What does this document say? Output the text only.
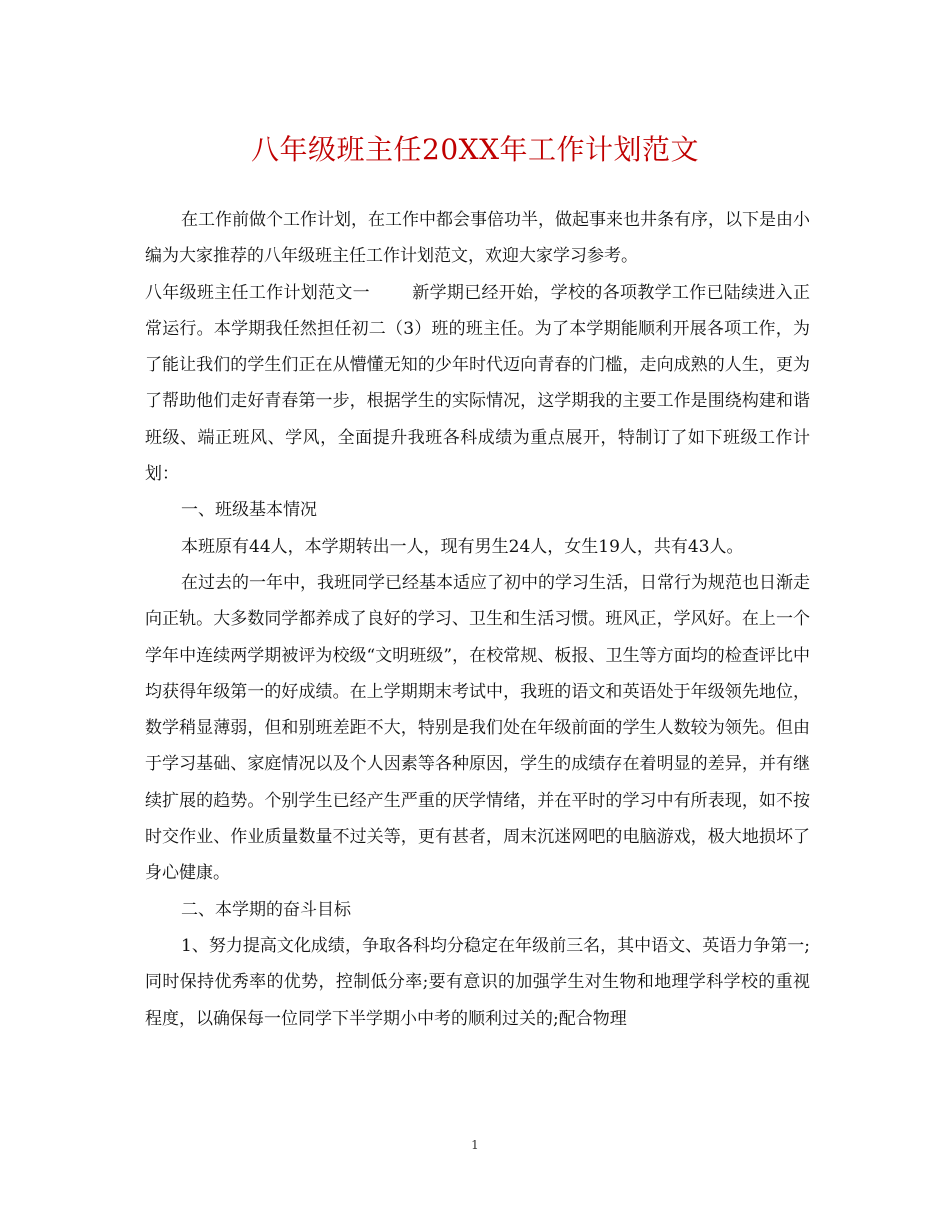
八年级班主任20XX年工作计划范文

在工作前做个工作计划，在工作中都会事倍功半，做起事来也井条有序，以下是由小编为大家推荐的八年级班主任工作计划范文，欢迎大家学习参考。

八年级班主任工作计划范文一 新学期已经开始，学校的各项教学工作已陆续进入正常运行。本学期我任然担任初二（3）班的班主任。为了本学期能顺利开展各项工作，为了能让我们的学生们正在从懵懂无知的少年时代迈向青春的门槛，走向成熟的人生，更为了帮助他们走好青春第一步，根据学生的实际情况，这学期我的主要工作是围绕构建和谐班级、端正班风、学风，全面提升我班各科成绩为重点展开，特制订了如下班级工作计划：

一、班级基本情况

本班原有44人，本学期转出一人，现有男生24人，女生19人，共有43人。

在过去的一年中，我班同学已经基本适应了初中的学习生活，日常行为规范也日渐走向正轨。大多数同学都养成了良好的学习、卫生和生活习惯。班风正，学风好。在上一个学年中连续两学期被评为校级“文明班级”，在校常规、板报、卫生等方面均的检查评比中均获得年级第一的好成绩。在上学期期末考试中，我班的语文和英语处于年级领先地位，数学稍显薄弱，但和别班差距不大，特别是我们处在年级前面的学生人数较为领先。但由于学习基础、家庭情况以及个人因素等各种原因，学生的成绩存在着明显的差异，并有继续扩展的趋势。个别学生已经产生严重的厌学情绪，并在平时的学习中有所表现，如不按时交作业、作业质量数量不过关等，更有甚者，周末沉迷网吧的电脑游戏，极大地损坏了身心健康。

二、本学期的奋斗目标

1、努力提高文化成绩，争取各科均分稳定在年级前三名，其中语文、英语力争第一;同时保持优秀率的优势，控制低分率;要有意识的加强学生对生物和地理学科学校的重视程度，以确保每一位同学下半学期小中考的顺利过关的;配合物理

1
